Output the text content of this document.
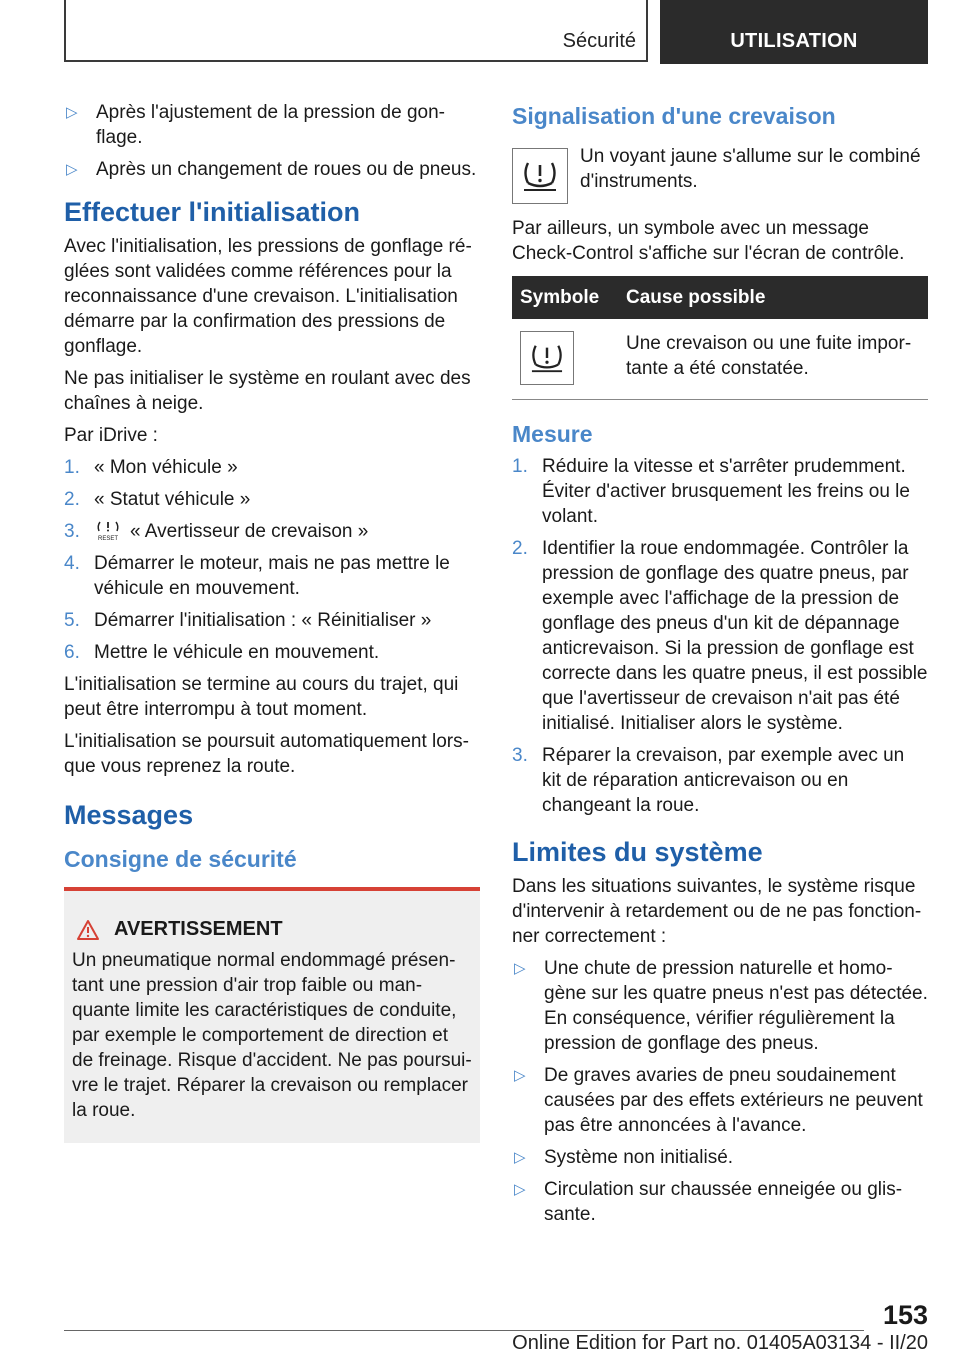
Sécurité	UTILISATION
▷ Après l'ajustement de la pression de gonflage.
▷ Après un changement de roues ou de pneus.
Effectuer l'initialisation

Avec l'initialisation, les pressions de gonflage réglées sont validées comme références pour la reconnaissance d'une crevaison. L'initialisation démarre par la confirmation des pressions de gonflage.

Ne pas initialiser le système en roulant avec des chaînes à neige.

Par iDrive :

1. « Mon véhicule »
2. « Statut véhicule »
3.	RESET « Avertisseur de crevaison »
4. Démarrer le moteur, mais ne pas mettre le véhicule en mouvement.
5. Démarrer l'initialisation : « Réinitialiser »
6. Mettre le véhicule en mouvement.

L'initialisation se termine au cours du trajet, qui peut être interrompu à tout moment.

L'initialisation se poursuit automatiquement lorsque vous reprenez la route.

Messages
Consigne de sécurité
AVERTISSEMENT
Un pneumatique normal endommagé présentant une pression d'air trop faible ou manquante limite les caractéristiques de conduite, par exemple le comportement de direction et de freinage. Risque d'accident. Ne pas poursuivre le trajet. Réparer la crevaison ou remplacer la roue.
Signalisation d'une crevaison
Un voyant jaune s'allume sur le combiné d'instruments.

Par ailleurs, un symbole avec un message Check-Control s'affiche sur l'écran de contrôle.

Symbole	Cause possible

	Une crevaison ou une fuite importante a été constatée.
Mesure
1. Réduire la vitesse et s'arrêter prudemment. Éviter d'activer brusquement les freins ou le volant.
2. Identifier la roue endommagée. Contrôler la pression de gonflage des quatre pneus, par exemple avec l'affichage de la pression de gonflage des pneus d'un kit de dépannage anticrevaison. Si la pression de gonflage est correcte dans les quatre pneus, il est possible que l'avertisseur de crevaison n'ait pas été initialisé. Initialiser alors le système.
3. Réparer la crevaison, par exemple avec un kit de réparation anticrevaison ou en changeant la roue.
Limites du système

Dans les situations suivantes, le système risque d'intervenir à retardement ou de ne pas fonctionner correctement :

▷ Une chute de pression naturelle et homogène sur les quatre pneus n'est pas détectée. En conséquence, vérifier régulièrement la pression de gonflage des pneus.
▷ De graves avaries de pneu soudainement causées par des effets extérieurs ne peuvent pas être annoncées à l'avance.
▷ Système non initialisé.
▷ Circulation sur chaussée enneigée ou glissante.
153
Online Edition for Part no. 01405A03134 - II/20
